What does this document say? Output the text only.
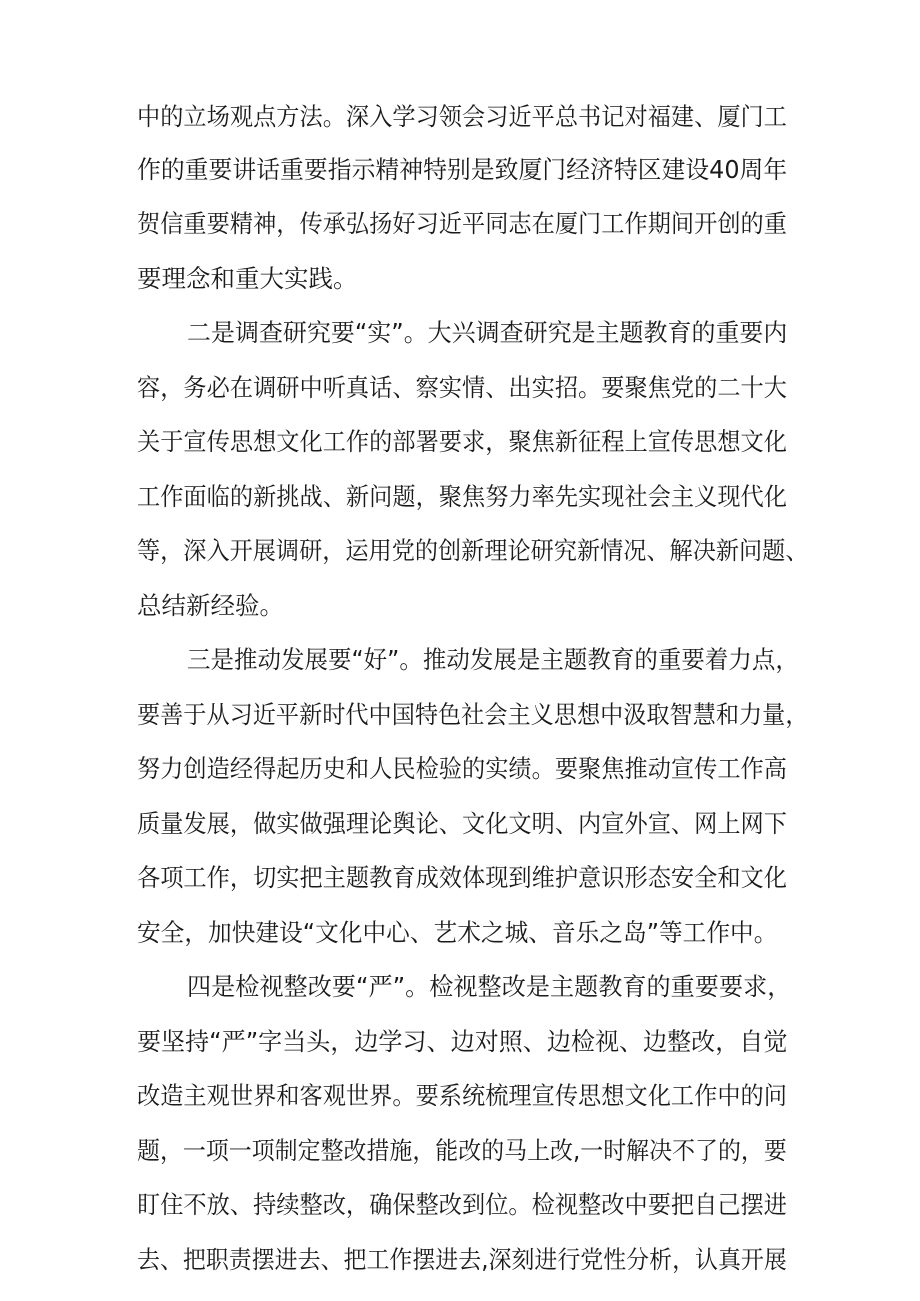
中的立场观点方法。深入学习领会习近平总书记对福建、厦门工

作的重要讲话重要指示精神特别是致厦门经济特区建设40周年

贺信重要精神，传承弘扬好习近平同志在厦门工作期间开创的重

要理念和重大实践。

二是调查研究要“实”。大兴调查研究是主题教育的重要内

容，务必在调研中听真话、察实情、出实招。要聚焦党的二十大

关于宣传思想文化工作的部署要求，聚焦新征程上宣传思想文化

工作面临的新挑战、新问题，聚焦努力率先实现社会主义现代化

等，深入开展调研，运用党的创新理论研究新情况、解决新问题、

总结新经验。

三是推动发展要“好”。推动发展是主题教育的重要着力点，

要善于从习近平新时代中国特色社会主义思想中汲取智慧和力量，

努力创造经得起历史和人民检验的实绩。要聚焦推动宣传工作高

质量发展，做实做强理论舆论、文化文明、内宣外宣、网上网下

各项工作，切实把主题教育成效体现到维护意识形态安全和文化

安全，加快建设“文化中心、艺术之城、音乐之岛”等工作中。

四是检视整改要“严”。检视整改是主题教育的重要要求，

要坚持“严”字当头，边学习、边对照、边检视、边整改，自觉

改造主观世界和客观世界。要系统梳理宣传思想文化工作中的问

题，一项一项制定整改措施，能改的马上改,一时解决不了的，要

盯住不放、持续整改，确保整改到位。检视整改中要把自己摆进

去、把职责摆进去、把工作摆进去,深刻进行党性分析，认真开展
